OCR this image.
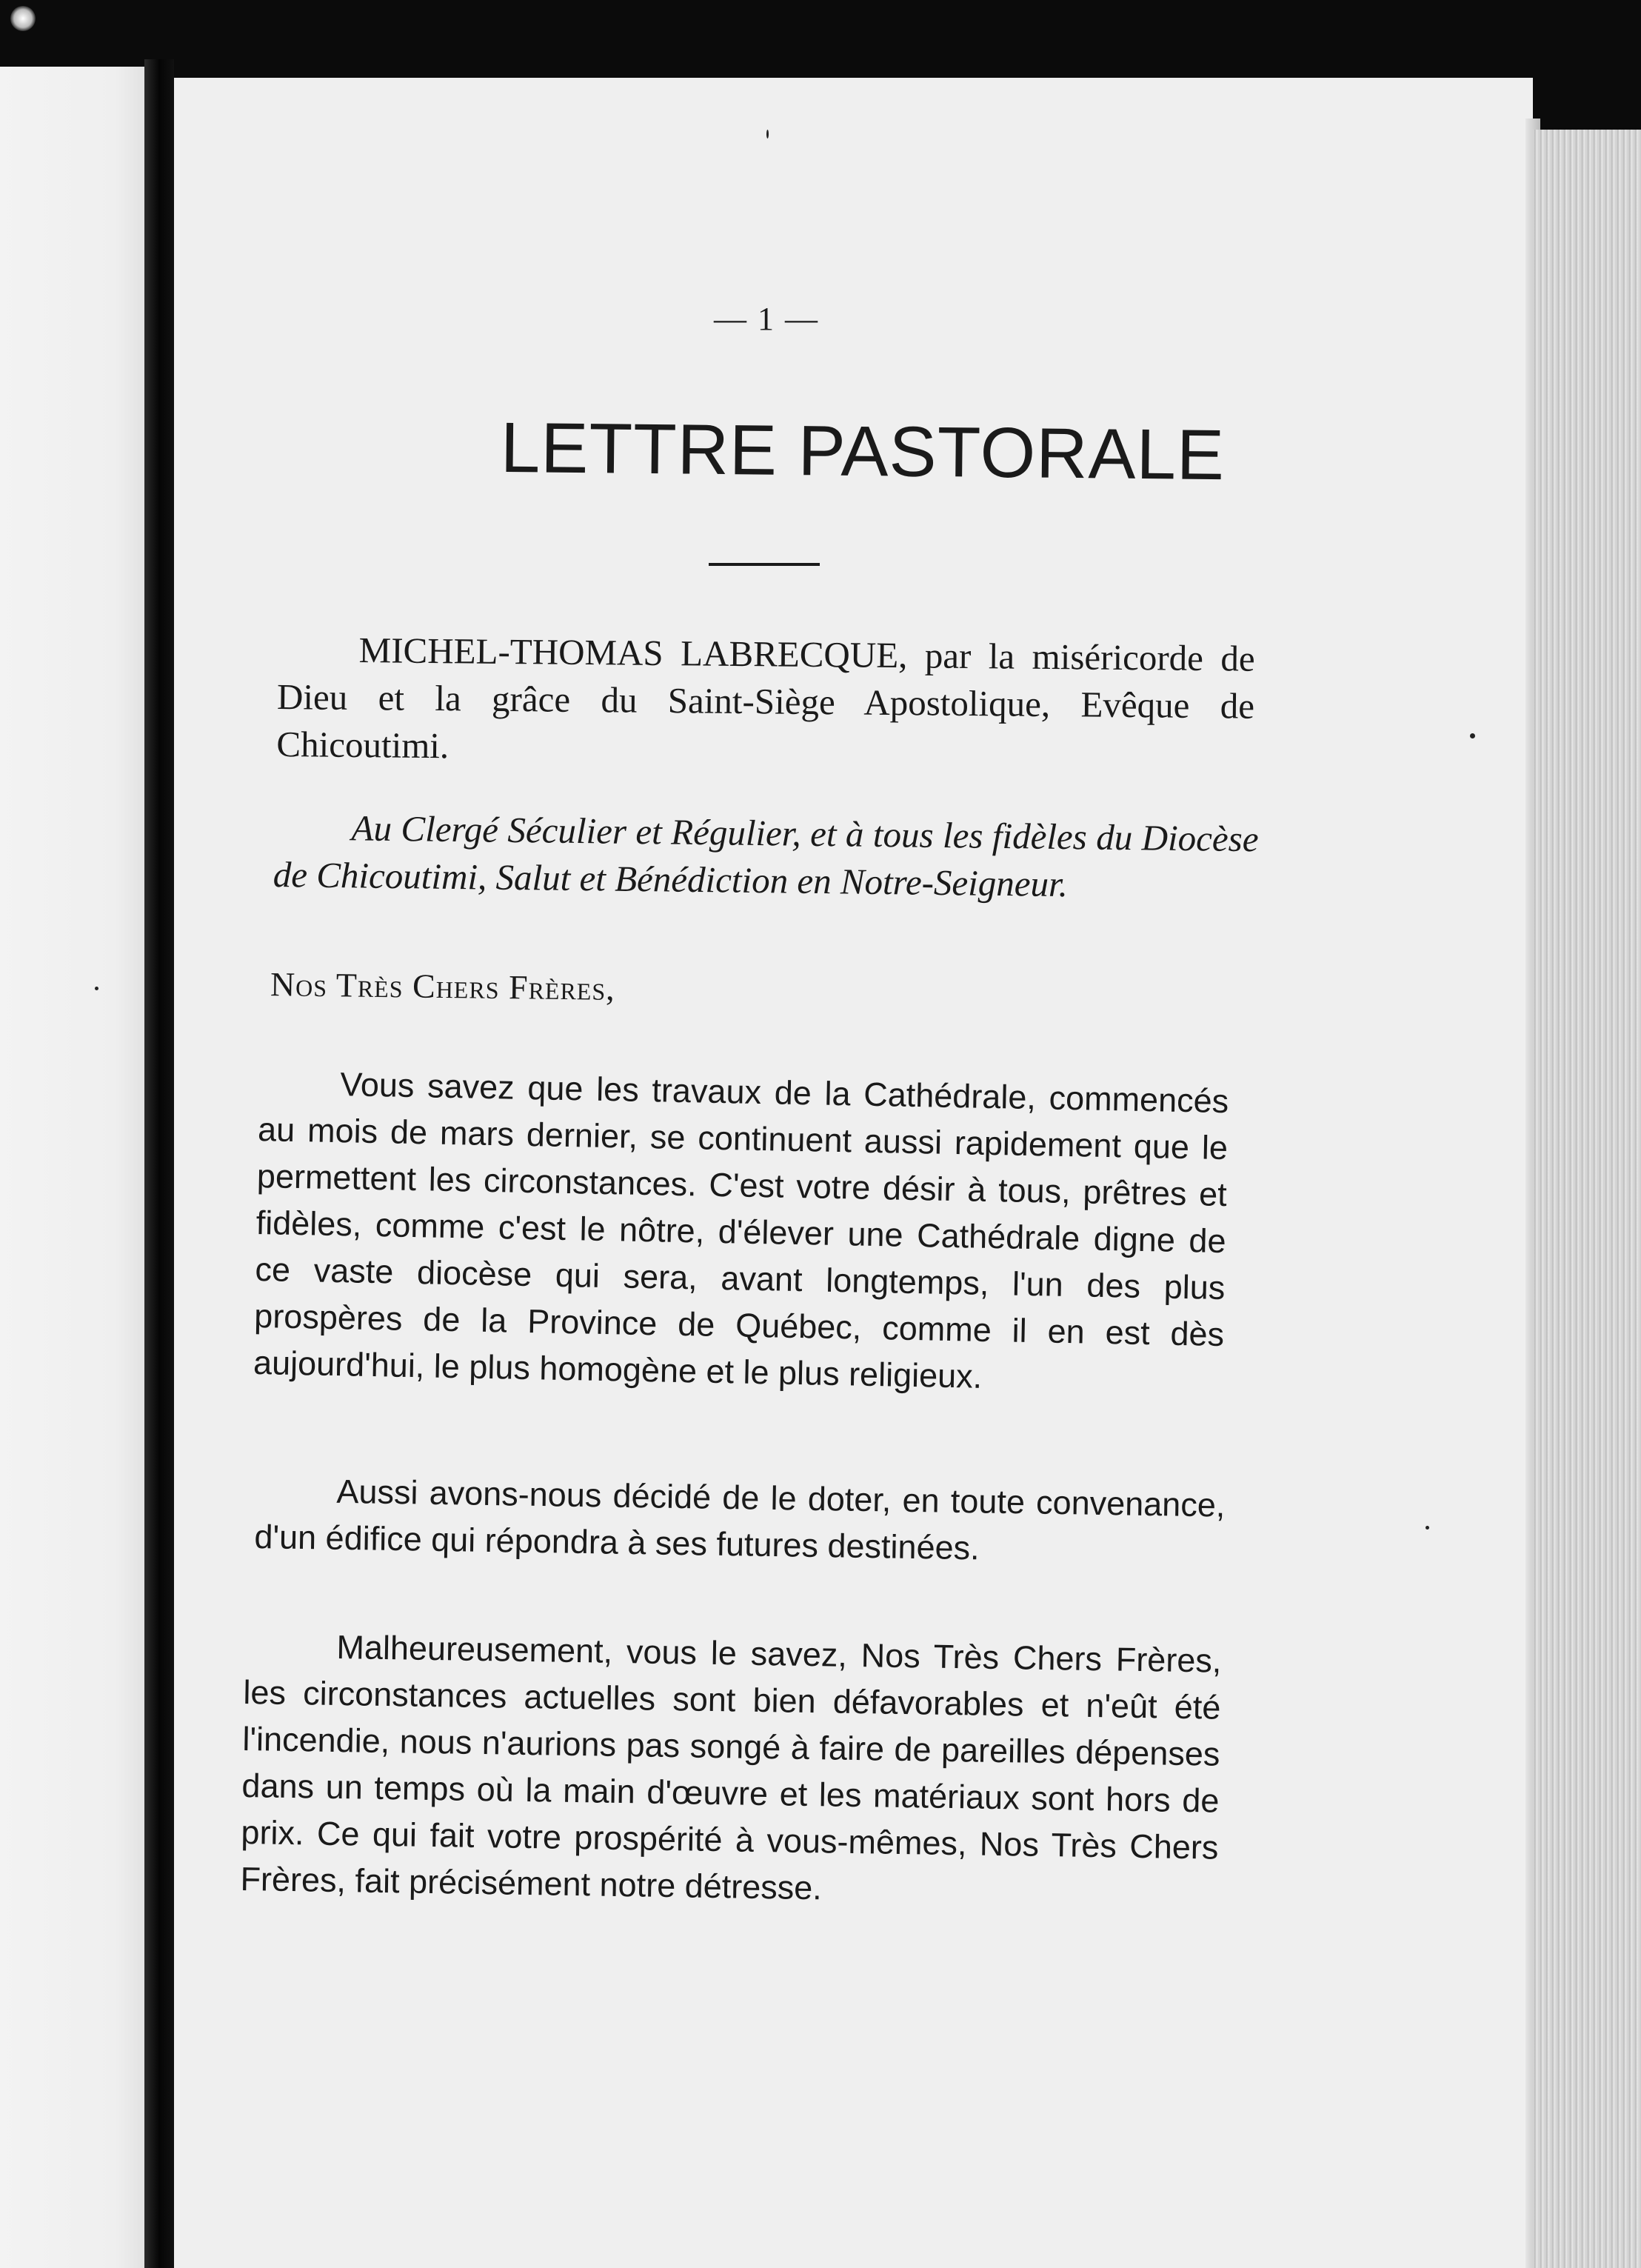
— 1 —
LETTRE PASTORALE
MICHEL-THOMAS LABRECQUE, par la miséricorde de Dieu et la grâce du Saint-Siège Apostolique, Evêque de Chicoutimi.
Au Clergé Séculier et Régulier, et à tous les fidèles du Diocèse de Chicoutimi, Salut et Bénédiction en Notre-Seigneur.
Nos Très Chers Frères,
Vous savez que les travaux de la Cathédrale, commencés au mois de mars dernier, se continuent aussi rapidement que le permettent les circonstances. C'est votre désir à tous, prêtres et fidèles, comme c'est le nôtre, d'élever une Cathédrale digne de ce vaste diocèse qui sera, avant longtemps, l'un des plus prospères de la Province de Québec, comme il en est dès aujourd'hui, le plus homogène et le plus religieux.
Aussi avons-nous décidé de le doter, en toute convenance, d'un édifice qui répondra à ses futures destinées.
Malheureusement, vous le savez, Nos Très Chers Frères, les circonstances actuelles sont bien défavorables et n'eût été l'incendie, nous n'aurions pas songé à faire de pareilles dépenses dans un temps où la main d'œuvre et les matériaux sont hors de prix. Ce qui fait votre prospérité à vous-mêmes, Nos Très Chers Frères, fait précisément notre détresse.
